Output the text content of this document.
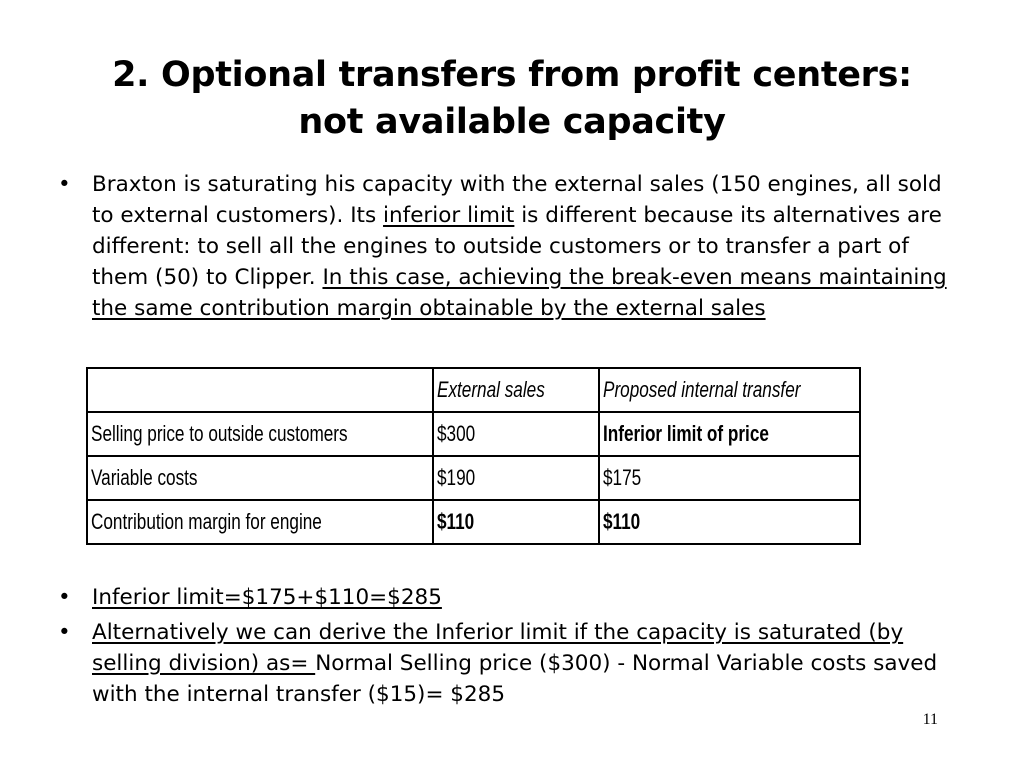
2. Optional transfers from profit centers:
not available capacity
• Braxton is saturating his capacity with the external sales (150 engines, all sold to external customers). Its inferior limit is different because its alternatives are different: to sell all the engines to outside customers or to transfer a part of them (50) to Clipper. In this case, achieving the break-even means maintaining the same contribution margin obtainable by the external sales
	External sales	Proposed internal transfer
Selling price to outside customers	$300	Inferior limit of price
Variable costs	$190	$175
Contribution margin for engine	$110	$110
• Inferior limit=$175+$110=$285
• Alternatively we can derive the Inferior limit if the capacity is saturated (by selling division) as= Normal Selling price ($300) - Normal Variable costs saved with the internal transfer ($15)= $285
11
